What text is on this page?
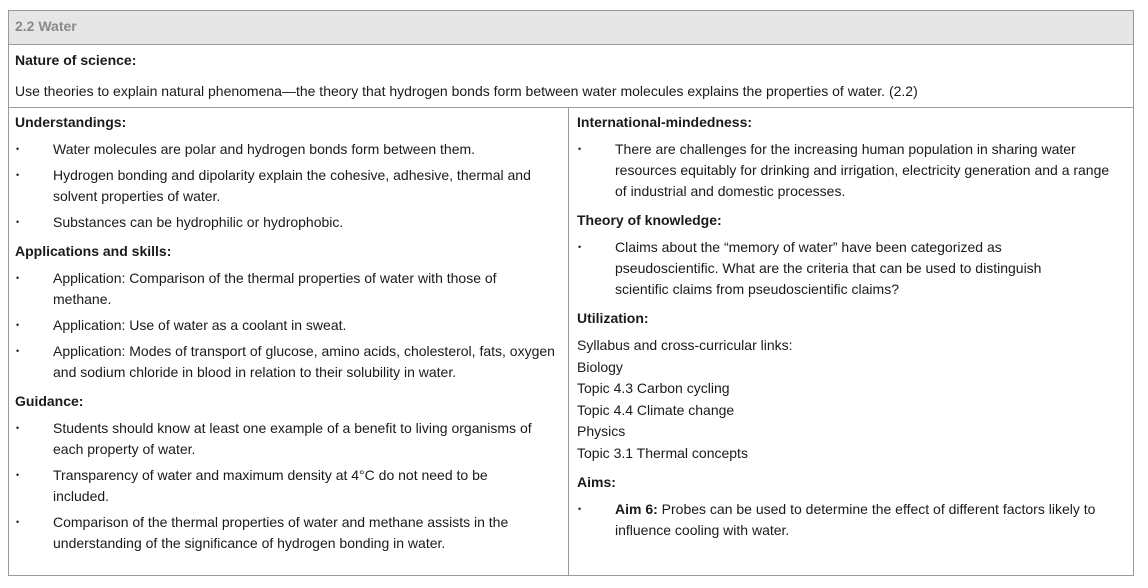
2.2 Water
Nature of science:
Use theories to explain natural phenomena—the theory that hydrogen bonds form between water molecules explains the properties of water. (2.2)
Understandings:
• Water molecules are polar and hydrogen bonds form between them.
• Hydrogen bonding and dipolarity explain the cohesive, adhesive, thermal and solvent properties of water.
• Substances can be hydrophilic or hydrophobic.
Applications and skills:
• Application: Comparison of the thermal properties of water with those of methane.
• Application: Use of water as a coolant in sweat.
• Application: Modes of transport of glucose, amino acids, cholesterol, fats, oxygen and sodium chloride in blood in relation to their solubility in water.
Guidance:
• Students should know at least one example of a benefit to living organisms of each property of water.
• Transparency of water and maximum density at 4°C do not need to be included.
• Comparison of the thermal properties of water and methane assists in the understanding of the significance of hydrogen bonding in water.
International-mindedness:
• There are challenges for the increasing human population in sharing water resources equitably for drinking and irrigation, electricity generation and a range of industrial and domestic processes.
Theory of knowledge:
• Claims about the “memory of water” have been categorized as pseudoscientific. What are the criteria that can be used to distinguish scientific claims from pseudoscientific claims?
Utilization:

Syllabus and cross-curricular links:

Biology

Topic 4.3 Carbon cycling

Topic 4.4 Climate change

Physics

Topic 3.1 Thermal concepts

Aims:
• Aim 6: Probes can be used to determine the effect of different factors likely to influence cooling with water.
